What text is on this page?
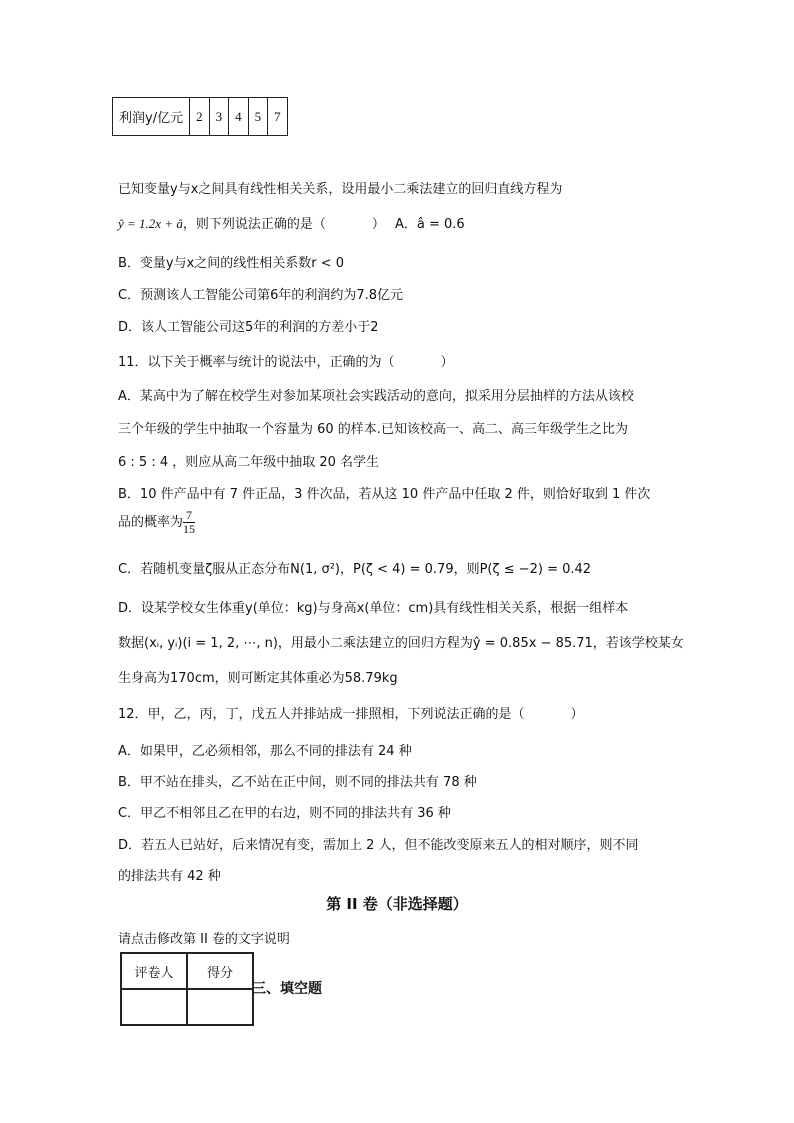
利润y/亿元	2	3	4	5	7
已知变量y与x之间具有线性相关关系，设用最小二乘法建立的回归直线方程为
ŷ = 1.2x + â，则下列说法正确的是（	） A．â = 0.6
B．变量y与x之间的线性相关系数r < 0
C．预测该人工智能公司第6年的利润约为7.8亿元
D．该人工智能公司这5年的利润的方差小于2
11．以下关于概率与统计的说法中，正确的为（	）
A．某高中为了解在校学生对参加某项社会实践活动的意向，拟采用分层抽样的方法从该校
三个年级的学生中抽取一个容量为 60 的样本.已知该校高一、高二、高三年级学生之比为
6 : 5 : 4 ，则应从高二年级中抽取 20 名学生
B．10 件产品中有 7 件正品，3 件次品，若从这 10 件产品中任取 2 件，则恰好取到 1 件次
品的概率为 $\frac{7}{15}$
C．若随机变量ζ服从正态分布N(1, σ²)，P(ζ < 4) = 0.79，则P(ζ ≤ −2) = 0.42
D．设某学校女生体重y(单位：kg)与身高x(单位：cm)具有线性相关关系，根据一组样本
数据(xᵢ, yᵢ)(i = 1, 2, ⋯, n)，用最小二乘法建立的回归方程为ŷ = 0.85x − 85.71，若该学校某女
生身高为170cm，则可断定其体重必为58.79kg
12．甲，乙，丙，丁，戊五人并排站成一排照相，下列说法正确的是（	）
A．如果甲，乙必须相邻，那么不同的排法有 24 种
B．甲不站在排头，乙不站在正中间，则不同的排法共有 78 种
C．甲乙不相邻且乙在甲的右边，则不同的排法共有 36 种
D．若五人已站好，后来情况有变，需加上 2 人，但不能改变原来五人的相对顺序，则不同
的排法共有 42 种
第 II 卷（非选择题）
请点击修改第 II 卷的文字说明
评卷人	得分

三、填空题
